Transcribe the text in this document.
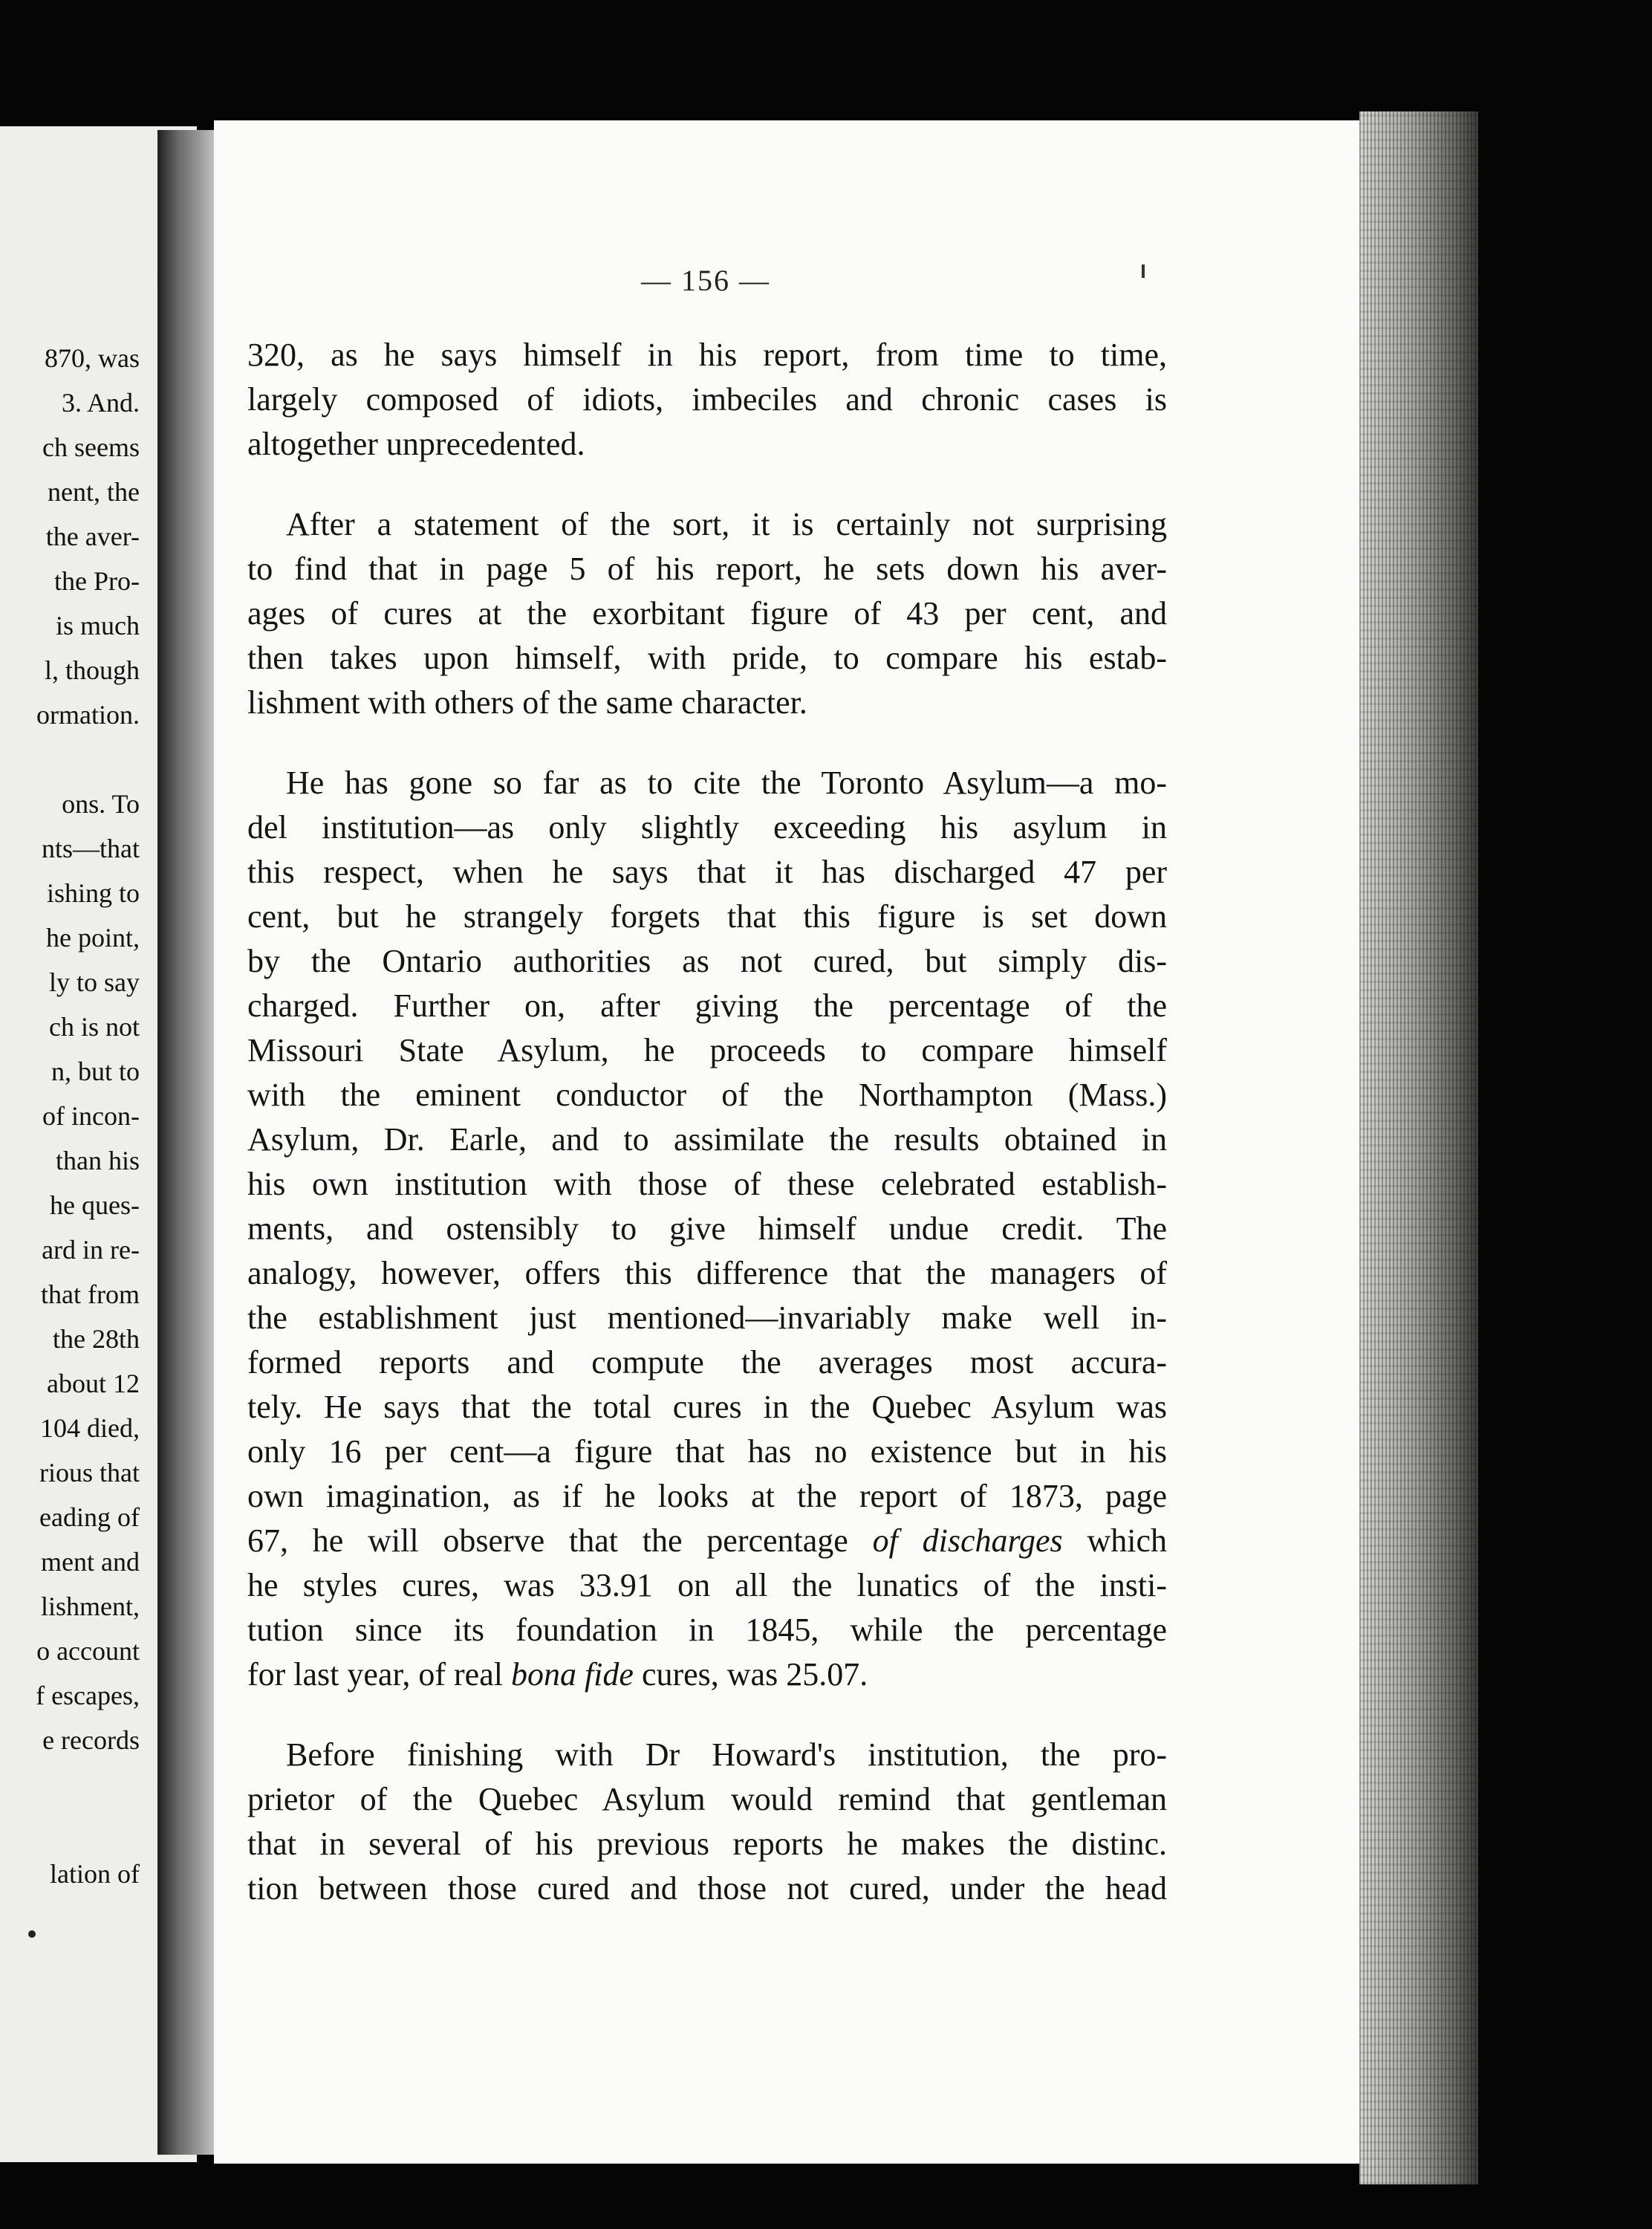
870, was
3. And.
ch seems
nent, the
the aver-
the Pro-
is much
l, though
ormation.
ons. To
nts—that
ishing to
he point,
ly to say
ch is not
n, but to
of incon-
than his
he ques-
ard in re-
that from
the 28th
about 12
104 died,
rious that
eading of
ment and
lishment,
o account
f escapes,
e records
lation of
— 156 —
320, as he says himself in his report, from time to time,
largely composed of idiots, imbeciles and chronic cases is
altogether unprecedented.
After a statement of the sort, it is certainly not surprising
to find that in page 5 of his report, he sets down his aver-
ages of cures at the exorbitant figure of 43 per cent, and
then takes upon himself, with pride, to compare his estab-
lishment with others of the same character.
He has gone so far as to cite the Toronto Asylum—a mo-
del institution—as only slightly exceeding his asylum in
this respect, when he says that it has discharged 47 per
cent, but he strangely forgets that this figure is set down
by the Ontario authorities as not cured, but simply dis-
charged. Further on, after giving the percentage of the
Missouri State Asylum, he proceeds to compare himself
with the eminent conductor of the Northampton (Mass.)
Asylum, Dr. Earle, and to assimilate the results obtained in
his own institution with those of these celebrated establish-
ments, and ostensibly to give himself undue credit. The
analogy, however, offers this difference that the managers of
the establishment just mentioned—invariably make well in-
formed reports and compute the averages most accura-
tely. He says that the total cures in the Quebec Asylum was
only 16 per cent—a figure that has no existence but in his
own imagination, as if he looks at the report of 1873, page
67, he will observe that the percentage of discharges which
he styles cures, was 33.91 on all the lunatics of the insti-
tution since its foundation in 1845, while the percentage
for last year, of real bona fide cures, was 25.07.
Before finishing with Dr Howard's institution, the pro-
prietor of the Quebec Asylum would remind that gentleman
that in several of his previous reports he makes the distinc.
tion between those cured and those not cured, under the head
